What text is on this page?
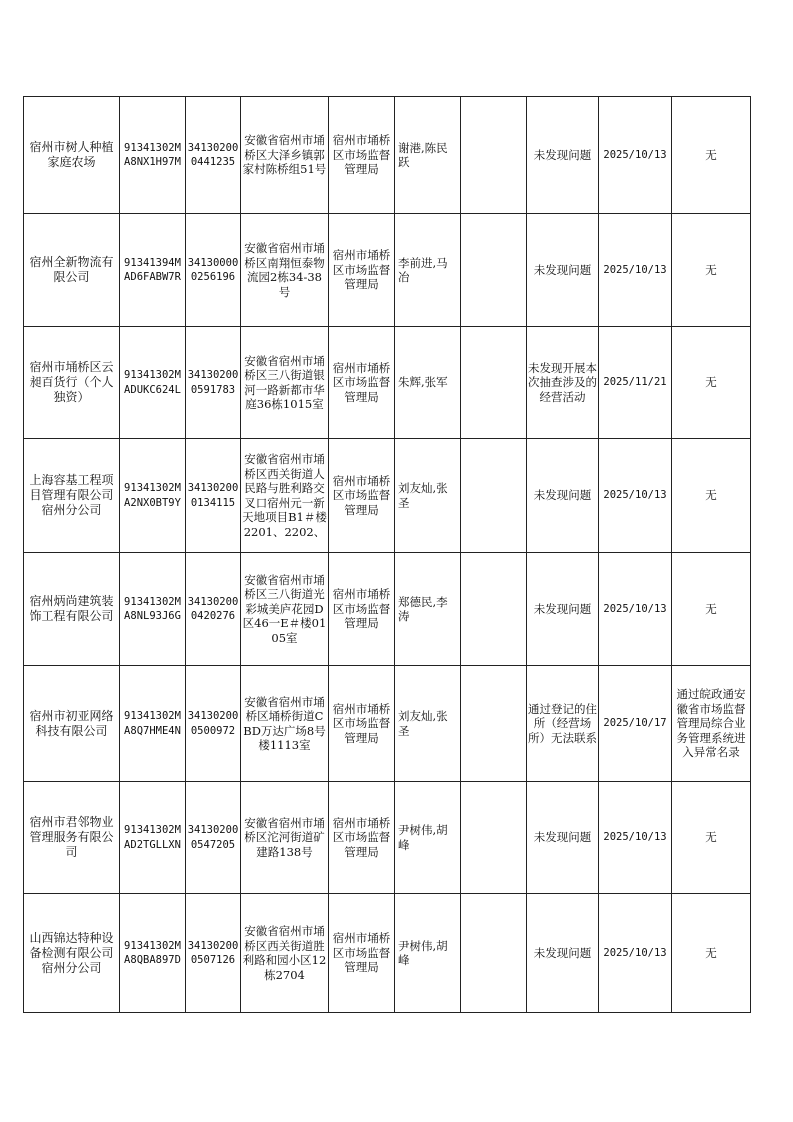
宿州市树人种植家庭农场	91341302MA8NX1H97M	341302000441235	安徽省宿州市埇桥区大泽乡镇郭家村陈桥组51号	宿州市埇桥区市场监督管理局	谢港,陈民跃		未发现问题	2025/10/13	无
宿州全新物流有限公司	91341394MAD6FABW7R	341300000256196	安徽省宿州市埇桥区南翔恒泰物流园2栋34-38号	宿州市埇桥区市场监督管理局	李前进,马冶		未发现问题	2025/10/13	无
宿州市埇桥区云昶百货行（个人独资）	91341302MADUKC624L	341302000591783	安徽省宿州市埇桥区三八街道银河一路新都市华庭36栋1015室	宿州市埇桥区市场监督管理局	朱辉,张军		未发现开展本次抽查涉及的经营活动	2025/11/21	无
上海容基工程项目管理有限公司宿州分公司	91341302MA2NX0BT9Y	341302000134115	安徽省宿州市埇桥区西关街道人民路与胜利路交叉口宿州元一新天地项目B1＃楼2201、2202、	宿州市埇桥区市场监督管理局	刘友灿,张圣		未发现问题	2025/10/13	无
宿州炳尚建筑装饰工程有限公司	91341302MA8NL93J6G	341302000420276	安徽省宿州市埇桥区三八街道光彩城美庐花园D区46一E＃楼0105室	宿州市埇桥区市场监督管理局	郑德民,李涛		未发现问题	2025/10/13	无
宿州市初亚网络科技有限公司	91341302MA8Q7HME4N	341302000500972	安徽省宿州市埇桥区埇桥街道CBD万达广场8号楼1113室	宿州市埇桥区市场监督管理局	刘友灿,张圣		通过登记的住所（经营场所）无法联系	2025/10/17	通过皖政通安徽省市场监督管理局综合业务管理系统进入异常名录
宿州市君邻物业管理服务有限公司	91341302MAD2TGLLXN	341302000547205	安徽省宿州市埇桥区沱河街道矿建路138号	宿州市埇桥区市场监督管理局	尹树伟,胡峰		未发现问题	2025/10/13	无
山西锦达特种设备检测有限公司宿州分公司	91341302MA8QBA897D	341302000507126	安徽省宿州市埇桥区西关街道胜利路和园小区12栋2704	宿州市埇桥区市场监督管理局	尹树伟,胡峰		未发现问题	2025/10/13	无
